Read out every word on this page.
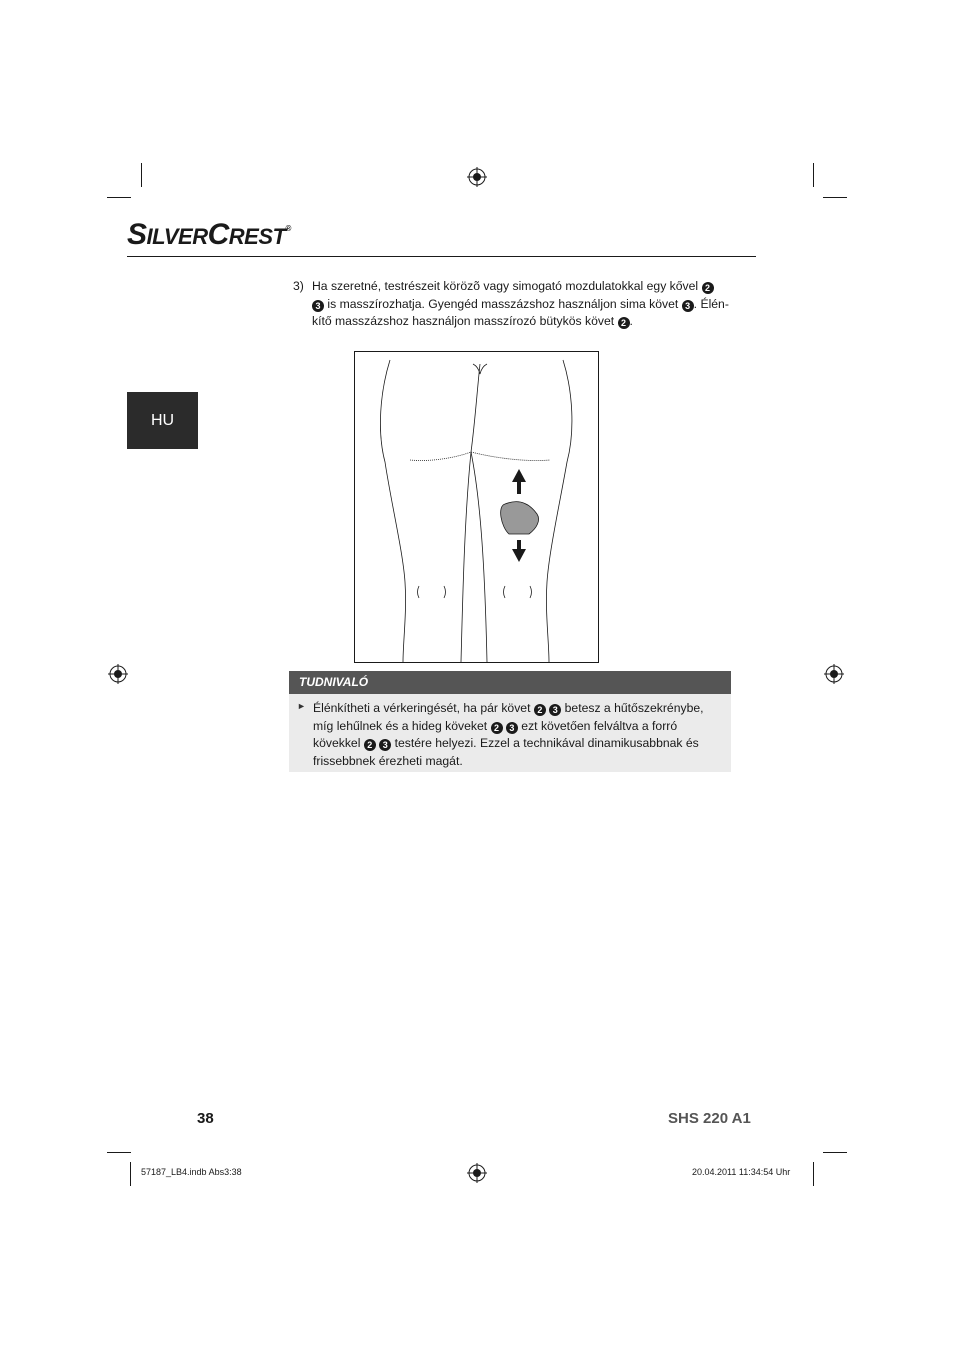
SILVERCREST®
HU
3) Ha szeretné, testrészeit körözõ vagy simogató mozdulatokkal egy kővel 2
3 is masszírozhatja. Gyengéd masszázshoz használjon sima követ 3 . Élén-
kítő masszázshoz használjon masszírozó bütykös követ 2 .
TUDNIVALÓ
► Élénkítheti a vérkeringését, ha pár követ 2 3 betesz a hűtőszekrénybe,
míg lehűlnek és a hideg köveket 2 3 ezt követően felváltva a forró
kövekkel 2 3 testére helyezi. Ezzel a technikával dinamikusabbnak és
frissebbnek érezheti magát.
38	SHS 220 A1
57187_LB4.indb Abs3:38	20.04.2011 11:34:54 Uhr
